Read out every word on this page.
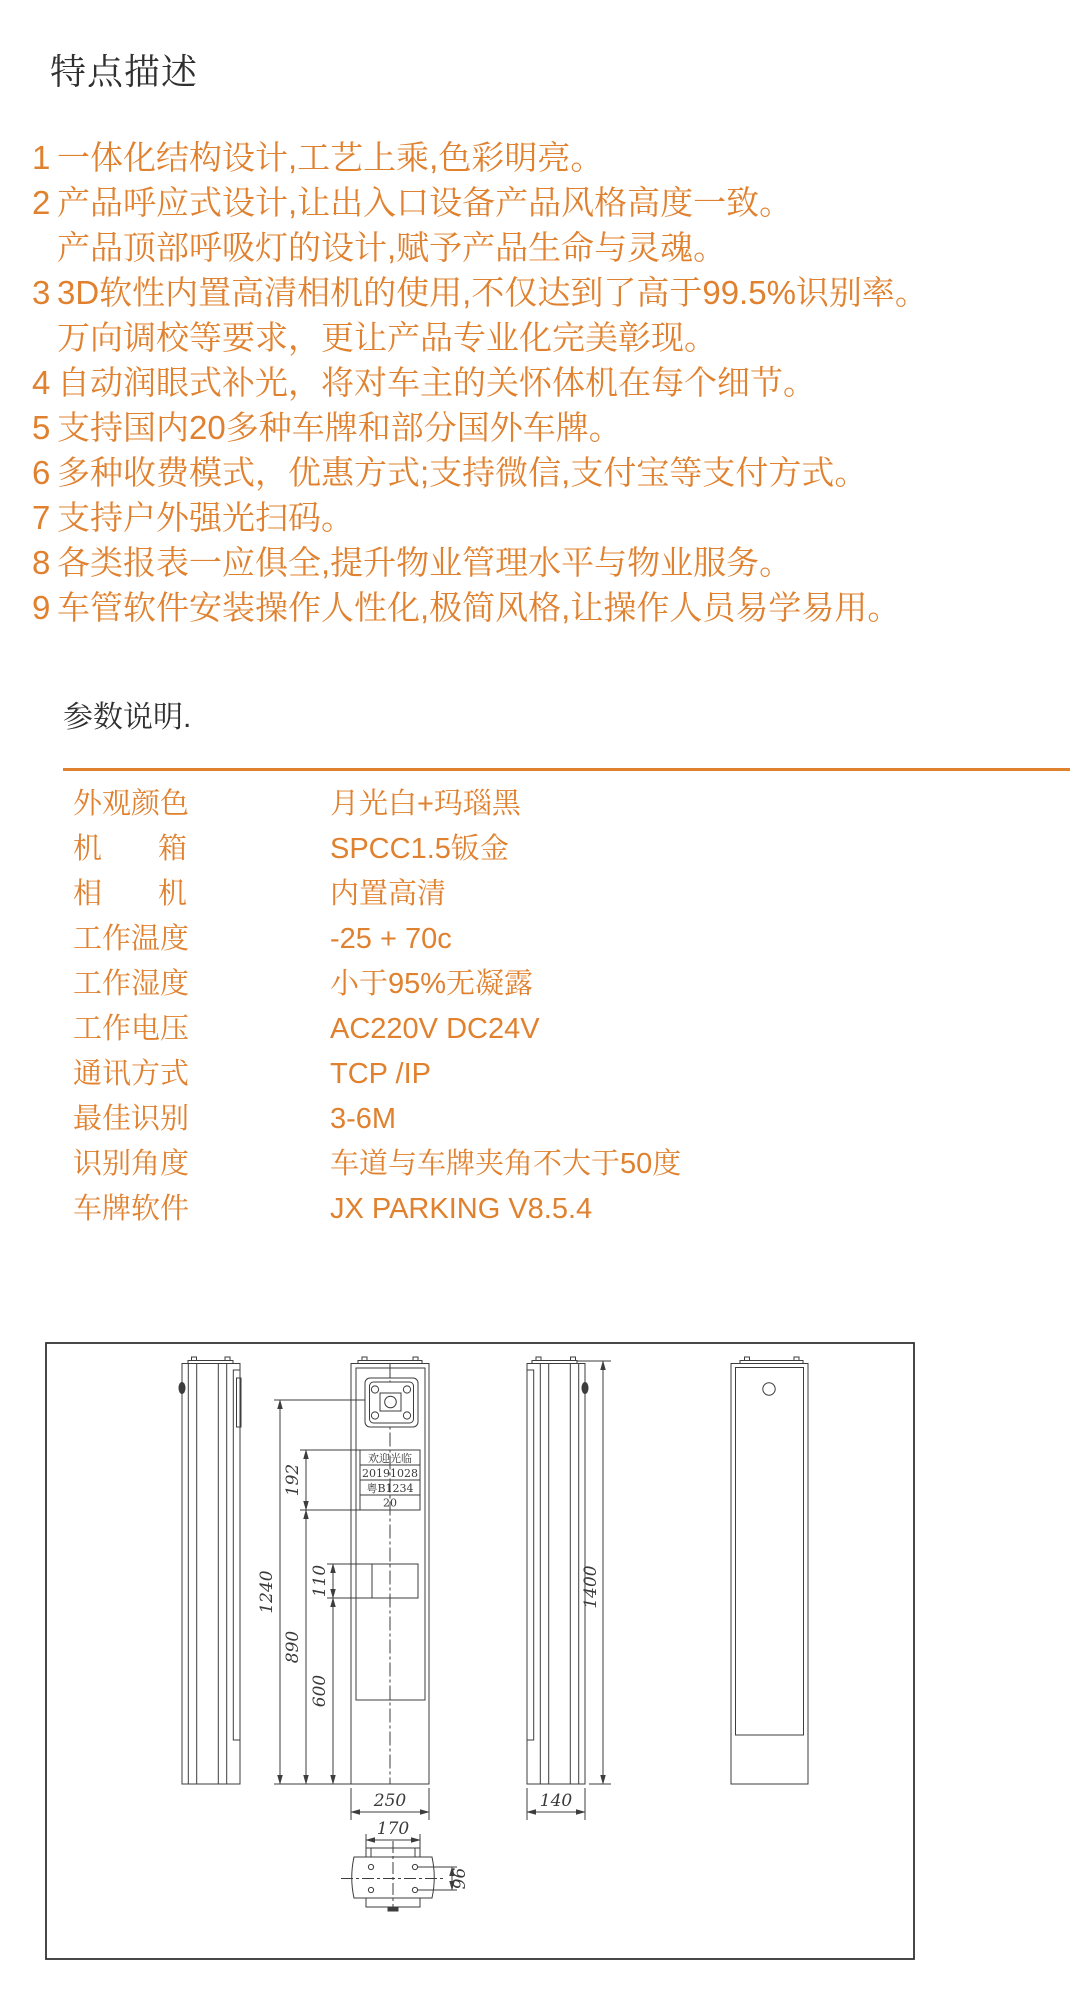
特点描述
1 一体化结构设计,工艺上乘,色彩明亮。
2 产品呼应式设计,让出入口设备产品风格高度一致。
产品顶部呼吸灯的设计,赋予产品生命与灵魂。
3 3D软性内置高清相机的使用,不仅达到了高于99.5%识别率。
万向调校等要求，更让产品专业化完美彰现。
4 自动润眼式补光，将对车主的关怀体机在每个细节。
5 支持国内20多种车牌和部分国外车牌。
6 多种收费模式，优惠方式;支持微信,支付宝等支付方式。
7 支持户外强光扫码。
8 各类报表一应俱全,提升物业管理水平与物业服务。
9 车管软件安装操作人性化,极简风格,让操作人员易学易用。
参数说明.
外观颜色	月光白+玛瑙黑
机箱	SPCC1.5钣金
相机	内置高清
工作温度	-25 + 70c
工作湿度	小于95%无凝露
工作电压	AC220V DC24V
通讯方式	TCP /IP
最佳识别	3-6M
识别角度	车道与车牌夹角不大于50度
车牌软件	JX PARKING V8.5.4
欢迎光临
20191028
粤B1234
20
1240
192
890
110
600
1400
250	140
170
96
